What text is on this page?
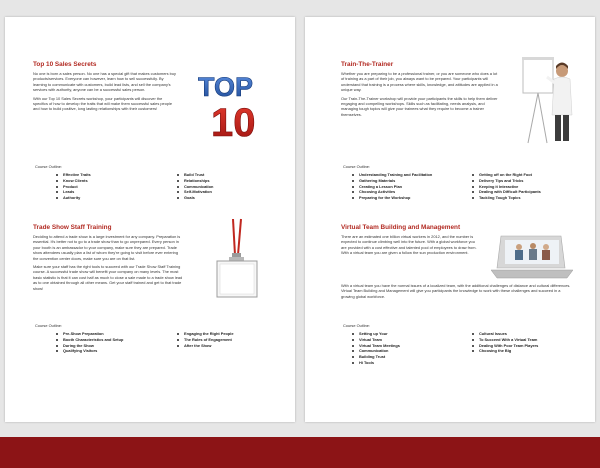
Top 10 Sales Secrets

No one is born a sales person. No one has a special gift that makes customers buy products/services. Everyone can however, learn how to sell successfully. By learning to communicate with customers, build lead lists, and sell the company's services with authority, anyone can be a successful sales person.

With our Top 10 Sales Secrets workshop, your participants will discover the specifics of how to develop the traits that will make them successful sales people and how to build positive, long lasting relationships with their customers!

TOP
10
Course Outline:
Effective Traits
Know Clients
Product
Leads
Authority
Build Trust
Relationships
Communication
Self-Motivation
Goals
Trade Show Staff Training

Deciding to attend a trade show is a large investment for any company. Preparation is essential. It's better not to go to a trade show than to go unprepared. Every person in your booth is an ambassador to your company, make sure they are prepared. Trade show attendees usually plan a list of whom they're going to visit before ever entering the convention center doors, make sure you are on that list.

Make sure your staff has the right tools to succeed with our Trade Show Staff Training course. A successful trade show will benefit your company on many levels. The most basic statistic is that it can cost half as much to close a sale made to a trade show lead as to one obtained through all other means. Get your staff trained and get to that trade show!

Course Outline:
Pre-Show Preparation
Booth Characteristics and Setup
During the Show
Qualifying Visitors
Engaging the Right People
The Rules of Engagement
After the Show
Train-The-Trainer

Whether you are preparing to be a professional trainer, or you are someone who does a lot of training as a part of their job, you always want to be prepared. Your participants will understand that training is a process where skills, knowledge, and attitudes are applied in a unique way.

Our Train-The-Trainer workshop will provide your participants the skills to help them deliver engaging and compelling workshops. Skills such as facilitating, needs analysis, and managing tough topics will give your trainees what they require to become a trainer themselves.

Course Outline:
Understanding Training and Facilitation
Gathering Materials
Creating a Lesson Plan
Choosing Activities
Preparing for the Workshop
Getting off on the Right Foot
Delivery Tips and Tricks
Keeping it Interactive
Dealing with Difficult Participants
Tackling Tough Topics
Virtual Team Building and Management

There are an estimated one billion virtual workers in 2012, and the number is expected to continue climbing well into the future. With a global workforce you are provided with a cost effective and talented pool of employees to draw from. With a virtual team you are given a follow the sun production environment.

With a virtual team you have the normal issues of a localized team, with the additional challenges of distance and cultural differences. Virtual Team Building and Management will give you participants the knowledge to work with these challenges and succeed in a growing global workforce.

Course Outline:
Setting up Your
Virtual Team
Virtual Team Meetings
Communication
Building Trust
Hi Tools
Cultural Issues
To Succeed With a Virtual Team
Dealing With Poor Team Players
Choosing the Big
